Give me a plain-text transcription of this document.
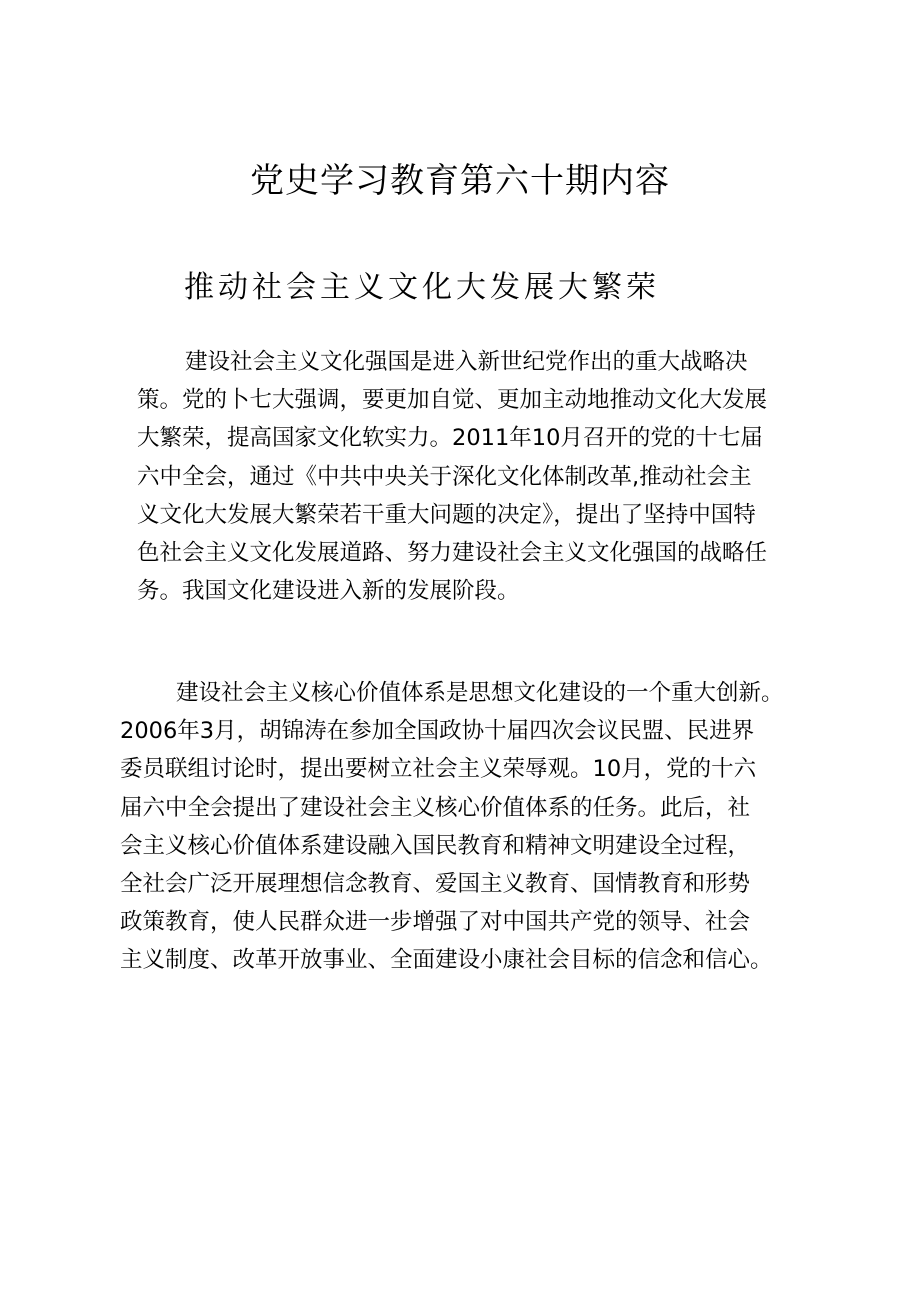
党史学习教育第六十期内容
推动社会主义文化大发展大繁荣
建设社会主义文化强国是进入新世纪党作出的重大战略决
策。党的卜七大强调，要更加自觉、更加主动地推动文化大发展
大繁荣，提高国家文化软实力。2011年10月召开的党的十七届
六中全会，通过《中共中央关于深化文化体制改革,推动社会主
义文化大发展大繁荣若干重大问题的决定》，提出了坚持中国特
色社会主义文化发展道路、努力建设社会主义文化强国的战略任
务。我国文化建设进入新的发展阶段。
建设社会主义核心价值体系是思想文化建设的一个重大创新。
2006年3月，胡锦涛在参加全国政协十届四次会议民盟、民进界
委员联组讨论时，提出要树立社会主义荣辱观。10月，党的十六
届六中全会提出了建设社会主义核心价值体系的任务。此后，社
会主义核心价值体系建设融入国民教育和精神文明建设全过程，
全社会广泛开展理想信念教育、爱国主义教育、国情教育和形势
政策教育，使人民群众进一步增强了对中国共产党的领导、社会
主义制度、改革开放事业、全面建设小康社会目标的信念和信心。
